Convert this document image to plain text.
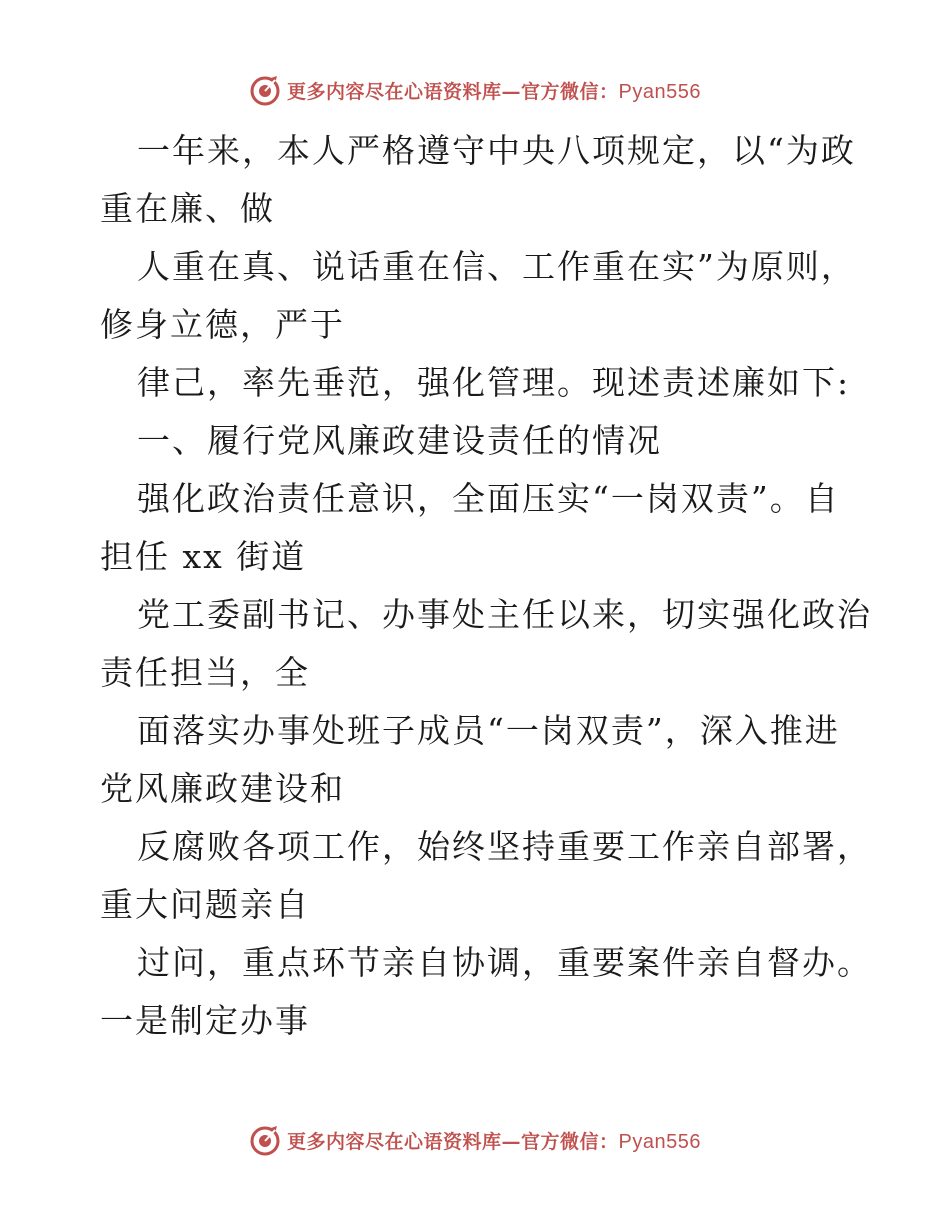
更多内容尽在心语资料库—官方微信：Pyan556
一年来，本人严格遵守中央八项规定，以“为政
重在廉、做
人重在真、说话重在信、工作重在实”为原则，
修身立德，严于
律己，率先垂范，强化管理。现述责述廉如下:
一、履行党风廉政建设责任的情况
强化政治责任意识，全面压实“一岗双责”。自
担任 xx 街道
党工委副书记、办事处主任以来，切实强化政治
责任担当，全
面落实办事处班子成员“一岗双责”，深入推进
党风廉政建设和
反腐败各项工作，始终坚持重要工作亲自部署，
重大问题亲自
过问，重点环节亲自协调，重要案件亲自督办。
一是制定办事
更多内容尽在心语资料库—官方微信：Pyan556
